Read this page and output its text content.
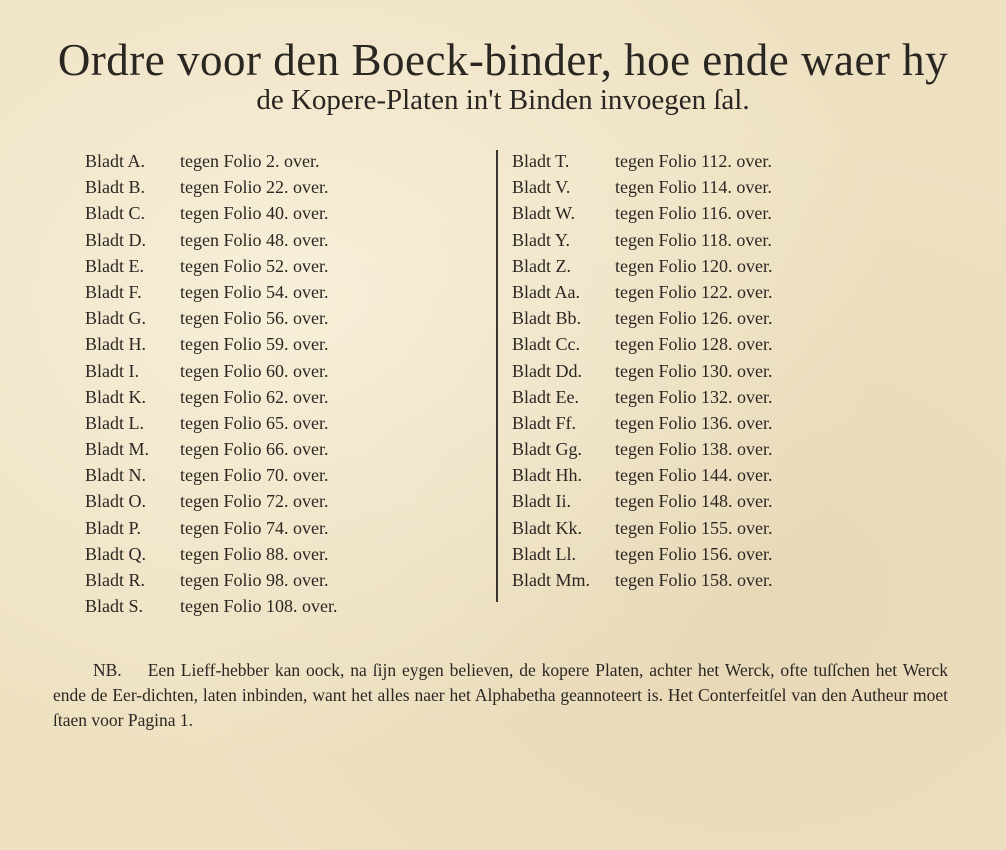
Ordre voor den Boeck-binder, hoe ende waer hy
de Kopere-Platen in't Binden invoegen ſal.
Bladt A. tegen Folio 2. over.
Bladt B. tegen Folio 22. over.
Bladt C. tegen Folio 40. over.
Bladt D. tegen Folio 48. over.
Bladt E. tegen Folio 52. over.
Bladt F. tegen Folio 54. over.
Bladt G. tegen Folio 56. over.
Bladt H. tegen Folio 59. over.
Bladt I. tegen Folio 60. over.
Bladt K. tegen Folio 62. over.
Bladt L. tegen Folio 65. over.
Bladt M. tegen Folio 66. over.
Bladt N. tegen Folio 70. over.
Bladt O. tegen Folio 72. over.
Bladt P. tegen Folio 74. over.
Bladt Q. tegen Folio 88. over.
Bladt R. tegen Folio 98. over.
Bladt S. tegen Folio 108. over.
Bladt T.	tegen Folio 112. over.
Bladt V. tegen Folio 114. over.
Bladt W. tegen Folio 116. over.
Bladt Y. tegen Folio 118. over.
Bladt Z. tegen Folio 120. over.
Bladt Aa. tegen Folio 122. over.
Bladt Bb. tegen Folio 126. over.
Bladt Cc. tegen Folio 128. over.
Bladt Dd. tegen Folio 130. over.
Bladt Ee. tegen Folio 132. over.
Bladt Ff. tegen Folio 136. over.
Bladt Gg. tegen Folio 138. over.
Bladt Hh. tegen Folio 144. over.
Bladt Ii. tegen Folio 148. over.
Bladt Kk. tegen Folio 155. over.
Bladt Ll. tegen Folio 156. over.
Bladt Mm. tegen Folio 158. over.

NB. Een Lieff-hebber kan oock, na ſijn eygen believen, de kopere Platen, achter het Werck, ofte tuſſchen het Werck ende de Eer-dichten, laten inbinden, want het alles naer het Alphabetha geannoteert is. Het Conterfeitſel van den Autheur moet ſtaen voor Pagina 1.
